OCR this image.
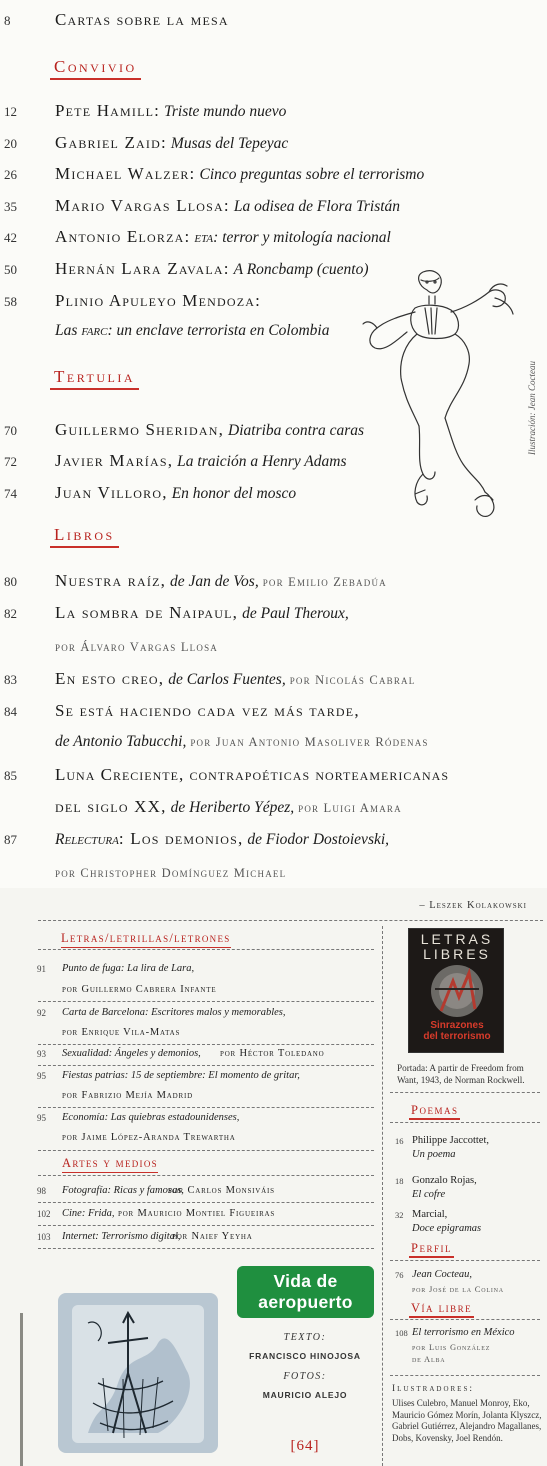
8	Cartas sobre la mesa
Convivio
12	Pete Hamill: Triste mundo nuevo
20	Gabriel Zaid: Musas del Tepeyac
26	Michael Walzer: Cinco preguntas sobre el terrorismo
35	Mario Vargas Llosa: La odisea de Flora Tristán
42	Antonio Elorza: eta: terror y mitología nacional
50	Hernán Lara Zavala: A Roncbamp (cuento)
58	Plinio Apuleyo Mendoza:
Las farc: un enclave terrorista en Colombia
Tertulia
70	Guillermo Sheridan, Diatriba contra caras
72	Javier Marías, La traición a Henry Adams
74	Juan Villoro, En honor del mosco
Libros
80	Nuestra raíz, de Jan de Vos, por Emilio Zebadúa
82	La sombra de Naipaul, de Paul Theroux,
por Álvaro Vargas Llosa
83	En esto creo, de Carlos Fuentes, por Nicolás Cabral
84	Se está haciendo cada vez más tarde,
de Antonio Tabucchi, por Juan Antonio Masoliver Ródenas
85	Luna Creciente, contrapoéticas norteamericanas
del siglo XX, de Heriberto Yépez, por Luigi Amara
87	Relectura: Los demonios, de Fiodor Dostoievski,
por Christopher Domínguez Michael
Ilustración: Jean Cocteau
– Leszek Kolakowski
Letras/letrillas/letrones
91 Punto de fuga: La lira de Lara,
por Guillermo Cabrera Infante
92 Carta de Barcelona: Escritores malos y memorables,
por Enrique Vila-Matas
93 Sexualidad: Ángeles y demonios, por Héctor Toledano
95 Fiestas patrias: 15 de septiembre: El momento de gritar,
por Fabrizio Mejía Madrid
95 Economía: Las quiebras estadounidenses,
por Jaime López-Aranda Trewartha
Artes y medios
98 Fotografía: Ricas y famosas,
por Carlos Monsiváis
102 Cine: Frida, por Mauricio Montiel Figueiras
103 Internet: Terrorismo digital,
por Naief Yeyha
Vida de
aeropuerto
TEXTO:
FRANCISCO HINOJOSA
FOTOS:
MAURICIO ALEJO
[64]
LETRAS
LIBRES
Sinrazones
del terrorismo
Portada: A partir de Freedom from Want, 1943, de Norman Rockwell.
Poemas
16 Philippe Jaccottet,
Un poema
18 Gonzalo Rojas,
El cofre
32 Marcial,
Doce epigramas
Perfil
76 Jean Cocteau,
por José de la Colina
Vía libre
108 El terrorismo en México
por Luis González
de Alba
Ilustradores:
Ulises Culebro, Manuel Monroy, Eko, Mauricio Gómez Morín, Jolanta Klyszcz, Gabriel Gutiérrez, Alejandro Magallanes, Dobs, Kovensky, Joel Rendón.
